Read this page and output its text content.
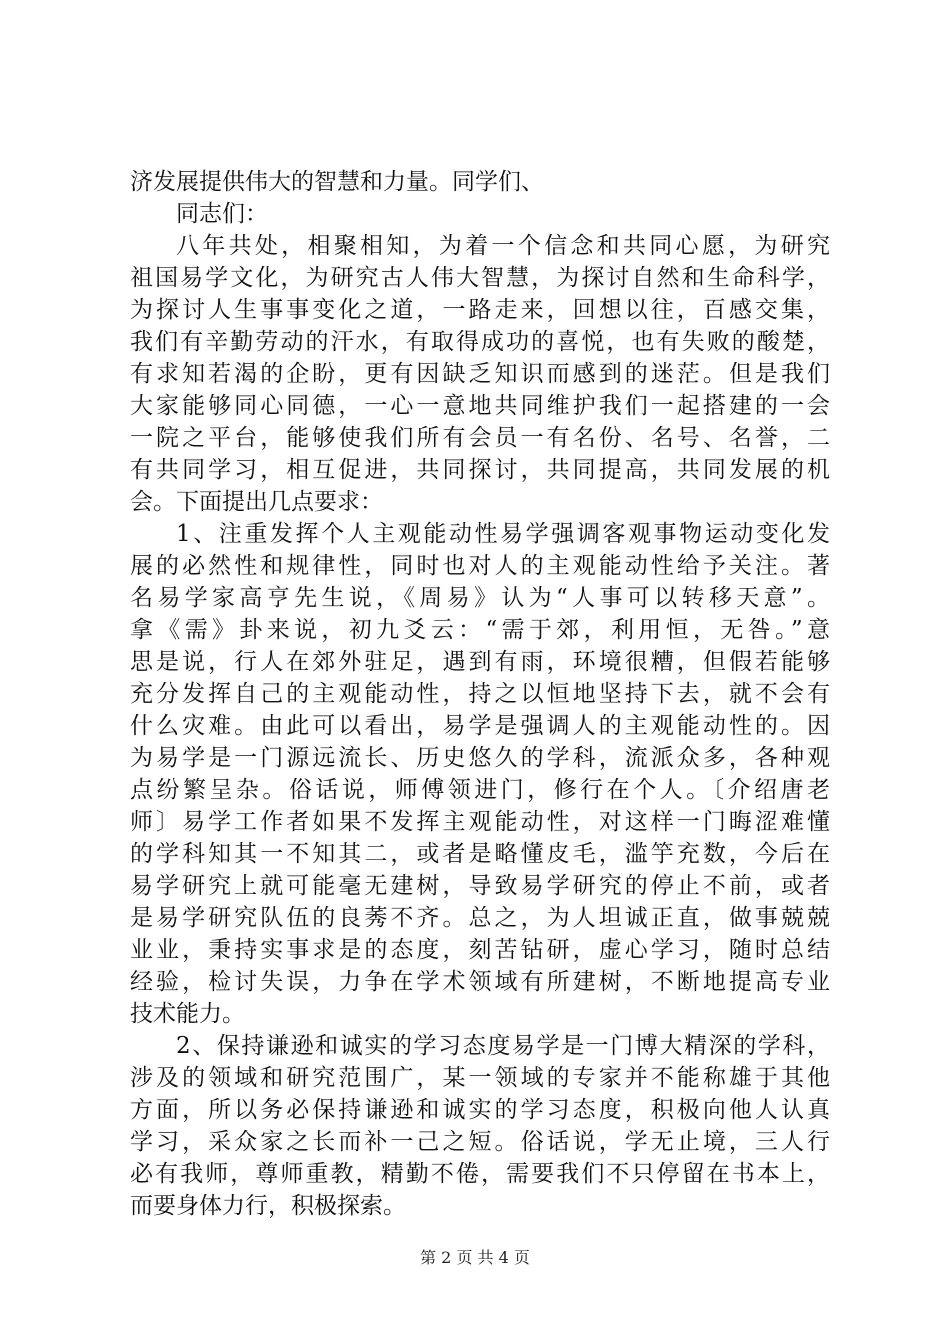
济发展提供伟大的智慧和力量。同学们、
同志们：
八年共处，相聚相知，为着一个信念和共同心愿，为研究
祖国易学文化，为研究古人伟大智慧，为探讨自然和生命科学，
为探讨人生事事变化之道，一路走来，回想以往，百感交集，
我们有辛勤劳动的汗水，有取得成功的喜悦，也有失败的酸楚，
有求知若渴的企盼，更有因缺乏知识而感到的迷茫。但是我们
大家能够同心同德，一心一意地共同维护我们一起搭建的一会
一院之平台，能够使我们所有会员一有名份、名号、名誉，二
有共同学习，相互促进，共同探讨，共同提高，共同发展的机
会。下面提出几点要求：
1、注重发挥个人主观能动性易学强调客观事物运动变化发
展的必然性和规律性，同时也对人的主观能动性给予关注。著
名易学家高亨先生说，《周易》认为“人事可以转移天意”。
拿《需》卦来说，初九爻云：“需于郊，利用恒，无咎。”意
思是说，行人在郊外驻足，遇到有雨，环境很糟，但假若能够
充分发挥自己的主观能动性，持之以恒地坚持下去，就不会有
什么灾难。由此可以看出，易学是强调人的主观能动性的。因
为易学是一门源远流长、历史悠久的学科，流派众多，各种观
点纷繁呈杂。俗话说，师傅领进门，修行在个人。〔介绍唐老
师〕易学工作者如果不发挥主观能动性，对这样一门晦涩难懂
的学科知其一不知其二，或者是略懂皮毛，滥竽充数，今后在
易学研究上就可能毫无建树，导致易学研究的停止不前，或者
是易学研究队伍的良莠不齐。总之，为人坦诚正直，做事兢兢
业业，秉持实事求是的态度，刻苦钻研，虚心学习，随时总结
经验，检讨失误，力争在学术领域有所建树，不断地提高专业
技术能力。
2、保持谦逊和诚实的学习态度易学是一门博大精深的学科，
涉及的领域和研究范围广，某一领域的专家并不能称雄于其他
方面，所以务必保持谦逊和诚实的学习态度，积极向他人认真
学习，采众家之长而补一己之短。俗话说，学无止境，三人行
必有我师，尊师重教，精勤不倦，需要我们不只停留在书本上，
而要身体力行，积极探索。
第 2 页 共 4 页
